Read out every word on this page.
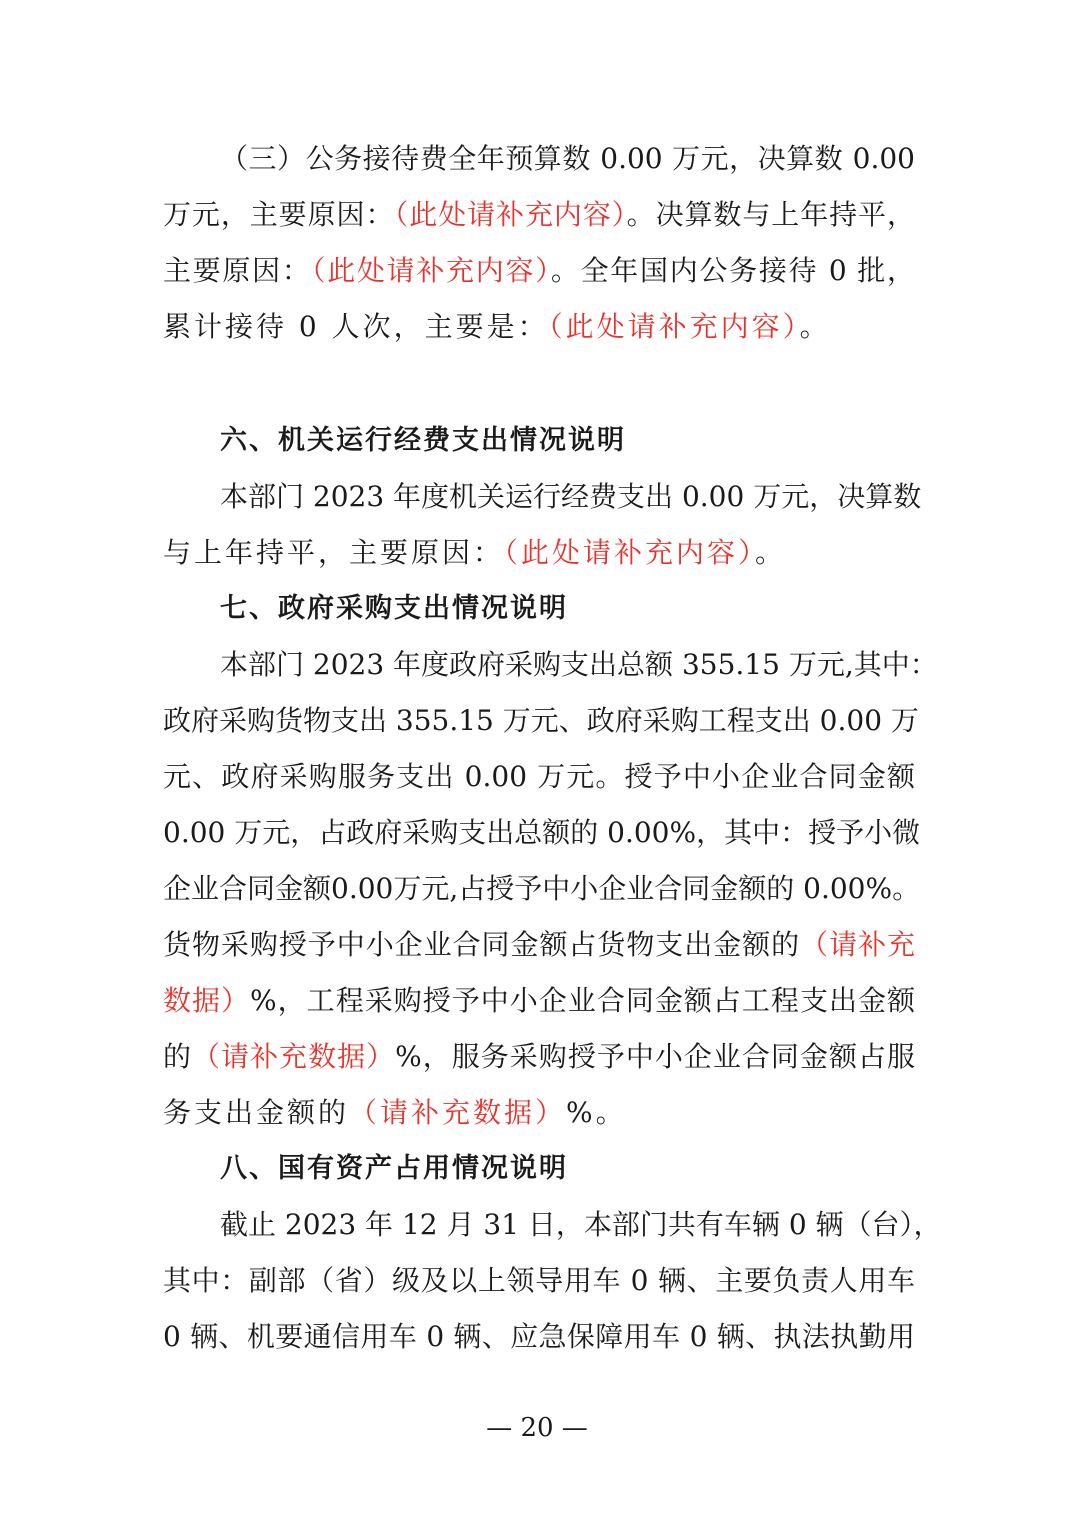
（三）公务接待费全年预算数 0.00 万元，决算数 0.00
万元，主要原因：（此处请补充内容）。决算数与上年持平，
主要原因：（此处请补充内容）。全年国内公务接待 0 批，
累计接待 0 人次，主要是：（此处请补充内容）。
六、机关运行经费支出情况说明
本部门 2023 年度机关运行经费支出 0.00 万元，决算数
与上年持平，主要原因：（此处请补充内容）。
七、政府采购支出情况说明
本部门 2023 年度政府采购支出总额 355.15 万元,其中：
政府采购货物支出 355.15 万元、政府采购工程支出 0.00 万
元、政府采购服务支出 0.00 万元。授予中小企业合同金额
0.00 万元，占政府采购支出总额的 0.00%，其中：授予小微
企业合同金额0.00万元,占授予中小企业合同金额的 0.00%。
货物采购授予中小企业合同金额占货物支出金额的（请补充
数据）%，工程采购授予中小企业合同金额占工程支出金额
的（请补充数据）%，服务采购授予中小企业合同金额占服
务支出金额的（请补充数据）%。
八、国有资产占用情况说明
截止 2023 年 12 月 31 日，本部门共有车辆 0 辆（台），
其中：副部（省）级及以上领导用车 0 辆、主要负责人用车
0 辆、机要通信用车 0 辆、应急保障用车 0 辆、执法执勤用
— 20 —
